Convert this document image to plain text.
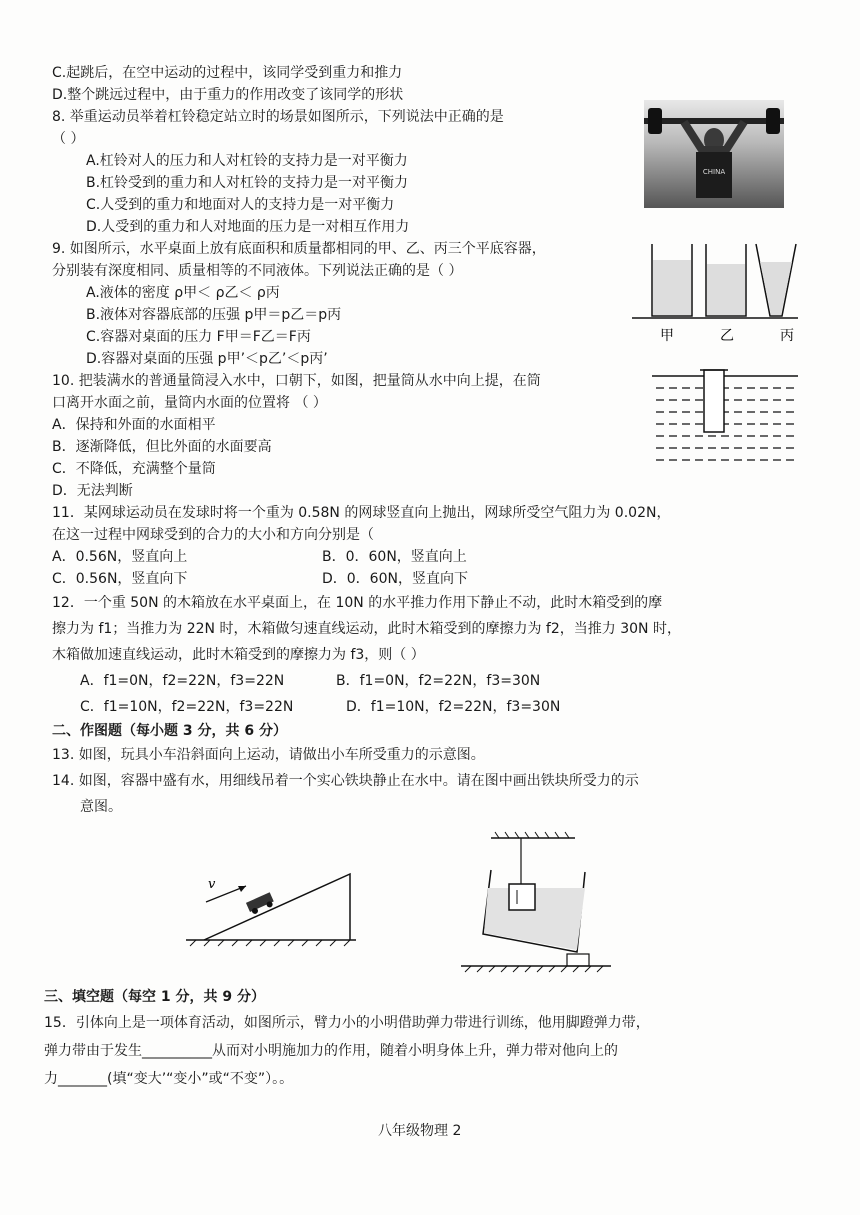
C.起跳后，在空中运动的过程中，该同学受到重力和推力
D.整个跳远过程中，由于重力的作用改变了该同学的形状
8. 举重运动员举着杠铃稳定站立时的场景如图所示，下列说法中正确的是
（ ）
A.杠铃对人的压力和人对杠铃的支持力是一对平衡力
B.杠铃受到的重力和人对杠铃的支持力是一对平衡力
C.人受到的重力和地面对人的支持力是一对平衡力
D.人受到的重力和人对地面的压力是一对相互作用力
9. 如图所示，水平桌面上放有底面积和质量都相同的甲、乙、丙三个平底容器，
分别装有深度相同、质量相等的不同液体。下列说法正确的是（ ）
A.液体的密度 ρ甲＜ ρ乙＜ ρ丙
B.液体对容器底部的压强 p甲＝p乙＝p丙
C.容器对桌面的压力 F甲＝F乙＝F丙
D.容器对桌面的压强 p甲’＜p乙’＜p丙’
10. 把装满水的普通量筒浸入水中，口朝下，如图，把量筒从水中向上提，在筒
口离开水面之前，量筒内水面的位置将 （ ）
A．保持和外面的水面相平
B．逐渐降低，但比外面的水面要高
C．不降低，充满整个量筒
D．无法判断
11．某网球运动员在发球时将一个重为 0.58N 的网球竖直向上抛出，网球所受空气阻力为 0.02N，
在这一过程中网球受到的合力的大小和方向分别是（
A．0.56N，竖直向上	B．0．60N，竖直向上
C．0.56N，竖直向下	D．0．60N，竖直向下
12．一个重 50N 的木箱放在水平桌面上，在 10N 的水平推力作用下静止不动，此时木箱受到的摩
擦力为 f1；当推力为 22N 时，木箱做匀速直线运动，此时木箱受到的摩擦力为 f2，当推力 30N 时，
木箱做加速直线运动，此时木箱受到的摩擦力为 f3，则（ ）
A．f1=0N，f2=22N，f3=22N	B．f1=0N，f2=22N，f3=30N
C．f1=10N，f2=22N，f3=22N	D．f1=10N，f2=22N，f3=30N
二、作图题（每小题 3 分，共 6 分）
13. 如图，玩具小车沿斜面向上运动，请做出小车所受重力的示意图。
14. 如图，容器中盛有水，用细线吊着一个实心铁块静止在水中。请在图中画出铁块所受力的示
意图。
三、填空题（每空 1 分，共 9 分）
15．引体向上是一项体育活动，如图所示，臂力小的小明借助弹力带进行训练，他用脚蹬弹力带，
弹力带由于发生__________从而对小明施加力的作用，随着小明身体上升，弹力带对他向上的
力_______(填“变大’“变小”或“不变”）。。
八年级物理 2
CHINA
甲	乙	丙
v
